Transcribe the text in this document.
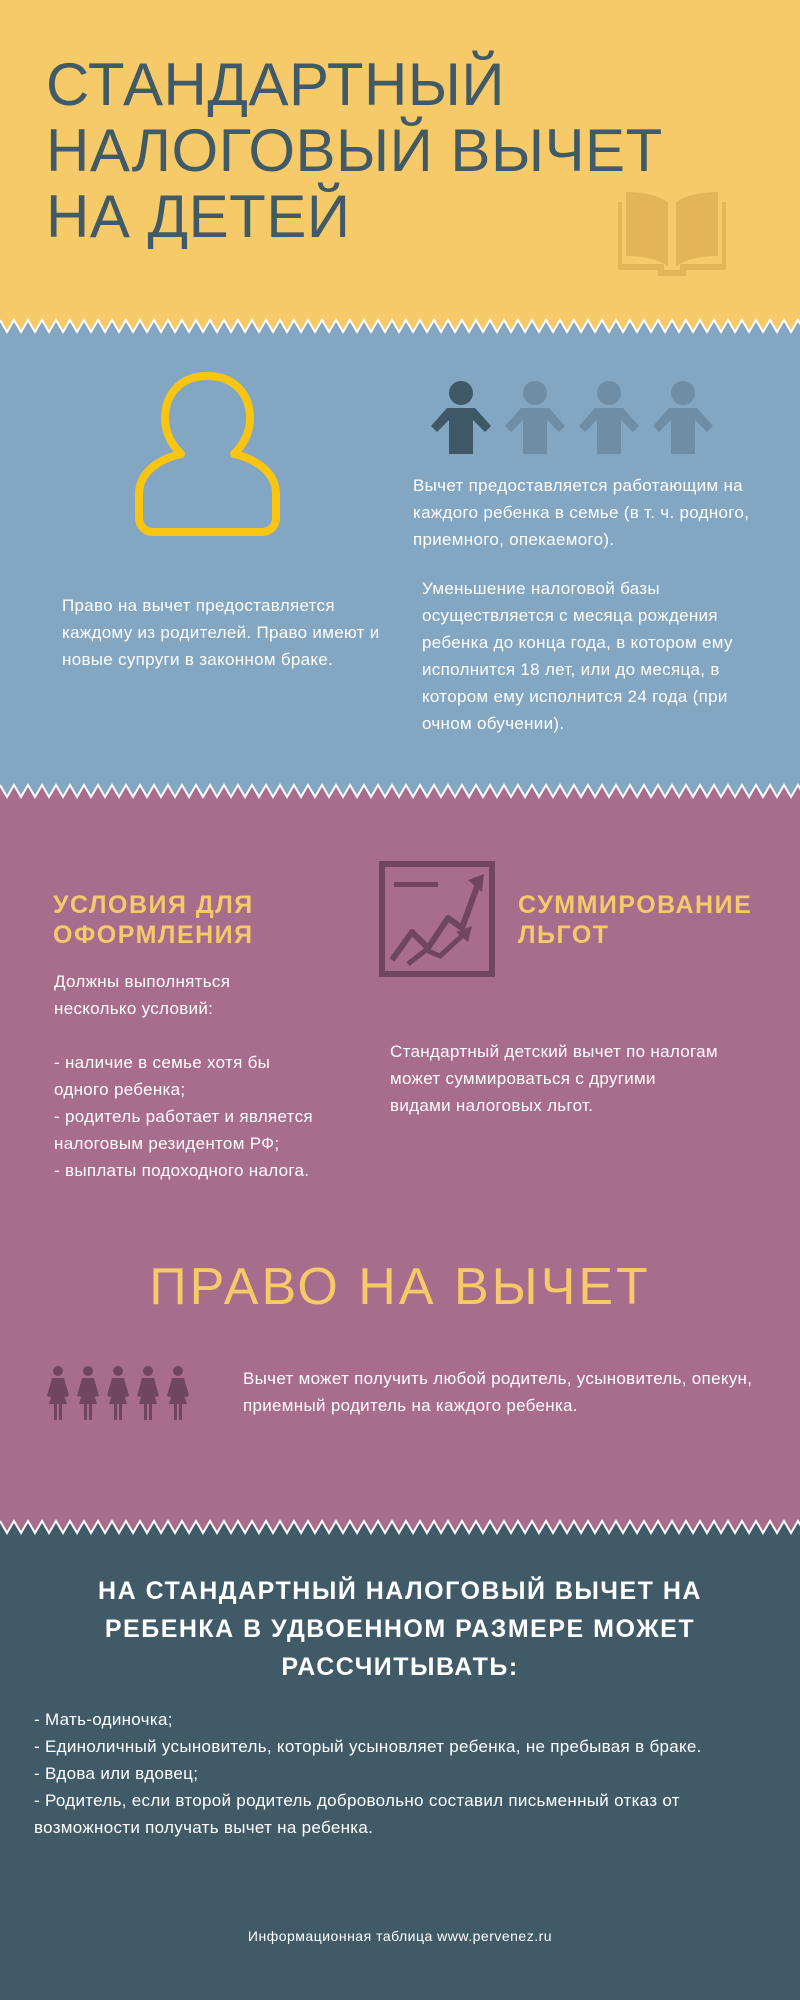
СТАНДАРТНЫЙ
НАЛОГОВЫЙ ВЫЧЕТ
НА ДЕТЕЙ
Вычет предоставляется работающим на каждого ребенка в семье (в т. ч. родного, приемного, опекаемого).
Право на вычет предоставляется каждому из родителей. Право имеют и новые супруги в законном браке.
Уменьшение налоговой базы осуществляется с месяца рождения ребенка до конца года, в котором ему исполнится 18 лет, или до месяца, в котором ему исполнится 24 года (при очном обучении).
УСЛОВИЯ ДЛЯ
ОФОРМЛЕНИЯ
Должны выполняться несколько условий:

- наличие в семье хотя бы одного ребенка;
- родитель работает и является налоговым резидентом РФ;
- выплаты подоходного налога.
СУММИРОВАНИЕ
ЛЬГОТ
Стандартный детский вычет по налогам может суммироваться с другими видами налоговых льгот.
ПРАВО НА ВЫЧЕТ
Вычет может получить любой родитель, усыновитель, опекун, приемный родитель на каждого ребенка.
НА СТАНДАРТНЫЙ НАЛОГОВЫЙ ВЫЧЕТ НА
РЕБЕНКА В УДВОЕННОМ РАЗМЕРЕ МОЖЕТ
РАССЧИТЫВАТЬ:
- Мать-одиночка;
- Единоличный усыновитель, который усыновляет ребенка, не пребывая в браке.
- Вдова или вдовец;
- Родитель, если второй родитель добровольно составил письменный отказ от возможности получать вычет на ребенка.
Информационная таблица www.pervenez.ru
